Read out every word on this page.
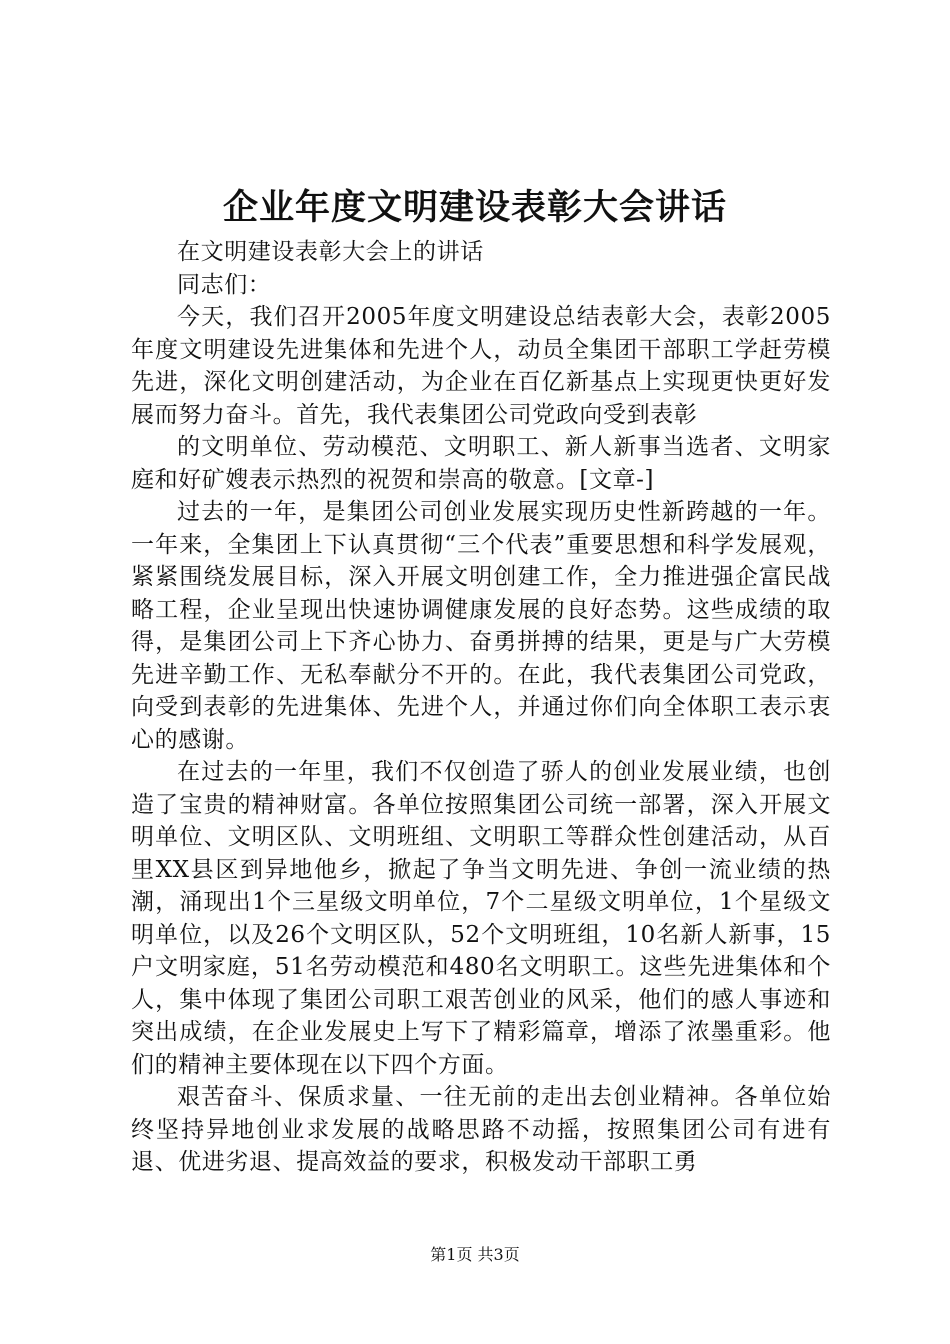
企业年度文明建设表彰大会讲话

在文明建设表彰大会上的讲话

同志们：

今天，我们召开2005年度文明建设总结表彰大会，表彰2005年度文明建设先进集体和先进个人，动员全集团干部职工学赶劳模先进，深化文明创建活动，为企业在百亿新基点上实现更快更好发展而努力奋斗。首先，我代表集团公司党政向受到表彰

的文明单位、劳动模范、文明职工、新人新事当选者、文明家庭和好矿嫂表示热烈的祝贺和崇高的敬意。[文章-]

过去的一年，是集团公司创业发展实现历史性新跨越的一年。一年来，全集团上下认真贯彻“三个代表”重要思想和科学发展观，紧紧围绕发展目标，深入开展文明创建工作，全力推进强企富民战略工程，企业呈现出快速协调健康发展的良好态势。这些成绩的取得，是集团公司上下齐心协力、奋勇拼搏的结果，更是与广大劳模先进辛勤工作、无私奉献分不开的。在此，我代表集团公司党政，向受到表彰的先进集体、先进个人，并通过你们向全体职工表示衷心的感谢。

在过去的一年里，我们不仅创造了骄人的创业发展业绩，也创造了宝贵的精神财富。各单位按照集团公司统一部署，深入开展文明单位、文明区队、文明班组、文明职工等群众性创建活动，从百里XX县区到异地他乡，掀起了争当文明先进、争创一流业绩的热潮，涌现出1个三星级文明单位，7个二星级文明单位，1个星级文明单位，以及26个文明区队，52个文明班组，10名新人新事，15户文明家庭，51名劳动模范和480名文明职工。这些先进集体和个人，集中体现了集团公司职工艰苦创业的风采，他们的感人事迹和突出成绩，在企业发展史上写下了精彩篇章，增添了浓墨重彩。他们的精神主要体现在以下四个方面。

艰苦奋斗、保质求量、一往无前的走出去创业精神。各单位始终坚持异地创业求发展的战略思路不动摇，按照集团公司有进有退、优进劣退、提高效益的要求，积极发动干部职工勇

第1页 共3页
